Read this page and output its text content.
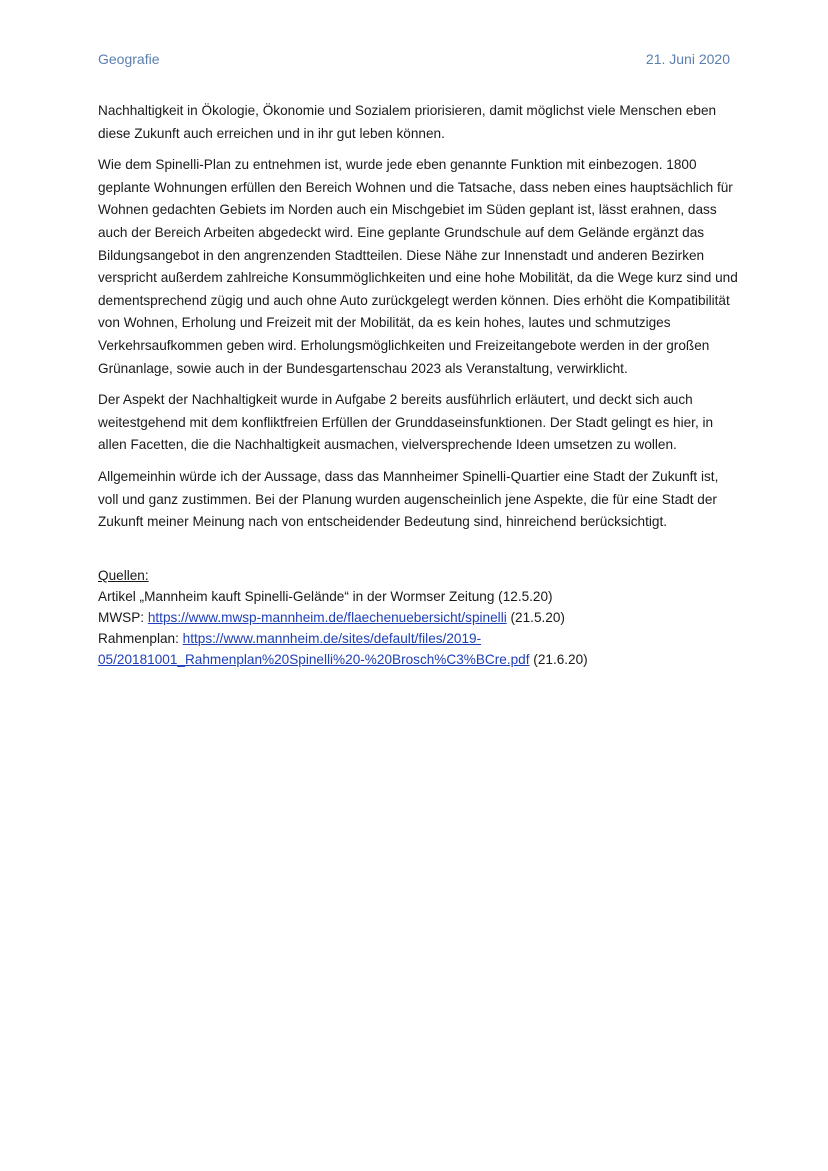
Geografie	21. Juni 2020

Nachhaltigkeit in Ökologie, Ökonomie und Sozialem priorisieren, damit möglichst viele Menschen eben diese Zukunft auch erreichen und in ihr gut leben können.

Wie dem Spinelli-Plan zu entnehmen ist, wurde jede eben genannte Funktion mit einbezogen. 1800 geplante Wohnungen erfüllen den Bereich Wohnen und die Tatsache, dass neben eines hauptsächlich für Wohnen gedachten Gebiets im Norden auch ein Mischgebiet im Süden geplant ist, lässt erahnen, dass auch der Bereich Arbeiten abgedeckt wird. Eine geplante Grundschule auf dem Gelände ergänzt das Bildungsangebot in den angrenzenden Stadtteilen. Diese Nähe zur Innenstadt und anderen Bezirken verspricht außerdem zahlreiche Konsummöglichkeiten und eine hohe Mobilität, da die Wege kurz sind und dementsprechend zügig und auch ohne Auto zurückgelegt werden können. Dies erhöht die Kompatibilität von Wohnen, Erholung und Freizeit mit der Mobilität, da es kein hohes, lautes und schmutziges Verkehrsaufkommen geben wird. Erholungsmöglichkeiten und Freizeitangebote werden in der großen Grünanlage, sowie auch in der Bundesgartenschau 2023 als Veranstaltung, verwirklicht.

Der Aspekt der Nachhaltigkeit wurde in Aufgabe 2 bereits ausführlich erläutert, und deckt sich auch weitestgehend mit dem konfliktfreien Erfüllen der Grunddaseinsfunktionen. Der Stadt gelingt es hier, in allen Facetten, die die Nachhaltigkeit ausmachen, vielversprechende Ideen umsetzen zu wollen.

Allgemeinhin würde ich der Aussage, dass das Mannheimer Spinelli-Quartier eine Stadt der Zukunft ist, voll und ganz zustimmen. Bei der Planung wurden augenscheinlich jene Aspekte, die für eine Stadt der Zukunft meiner Meinung nach von entscheidender Bedeutung sind, hinreichend berücksichtigt.

Quellen:
Artikel „Mannheim kauft Spinelli-Gelände“ in der Wormser Zeitung (12.5.20)
MWSP: https://www.mwsp-mannheim.de/flaechenuebersicht/spinelli (21.5.20)
Rahmenplan: https://www.mannheim.de/sites/default/files/2019-05/20181001_Rahmenplan%20Spinelli%20-%20Brosch%C3%BCre.pdf (21.6.20)
